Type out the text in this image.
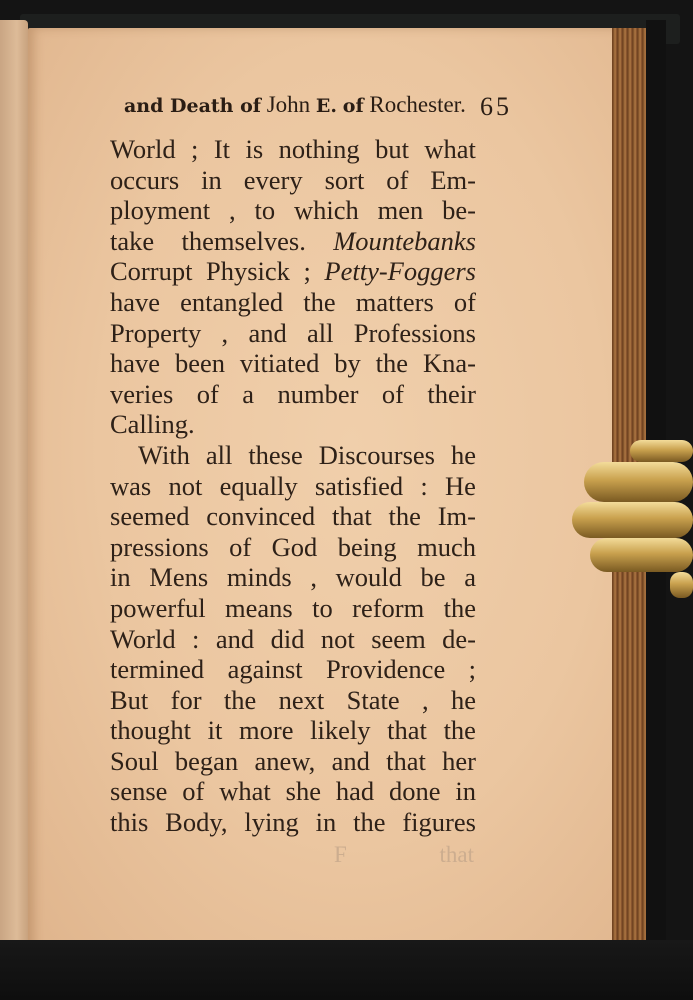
and Death of John E. of Rochester. 65
World ; It is nothing but what
occurs in every sort of Em-
ployment , to which men be-
take themselves. Mountebanks
Corrupt Physick ; Petty-Foggers
have entangled the matters of
Property , and all Professions
have been vitiated by the Kna-
veries of a number of their
Calling.
With all these Discourses he
was not equally satisfied : He
seemed convinced that the Im-
pressions of God being much
in Mens minds , would be a
powerful means to reform the
World : and did not seem de-
termined against Providence ;
But for the next State , he
thought it more likely that the
Soul began anew, and that her
sense of what she had done in
this Body, lying in the figures
F	that
